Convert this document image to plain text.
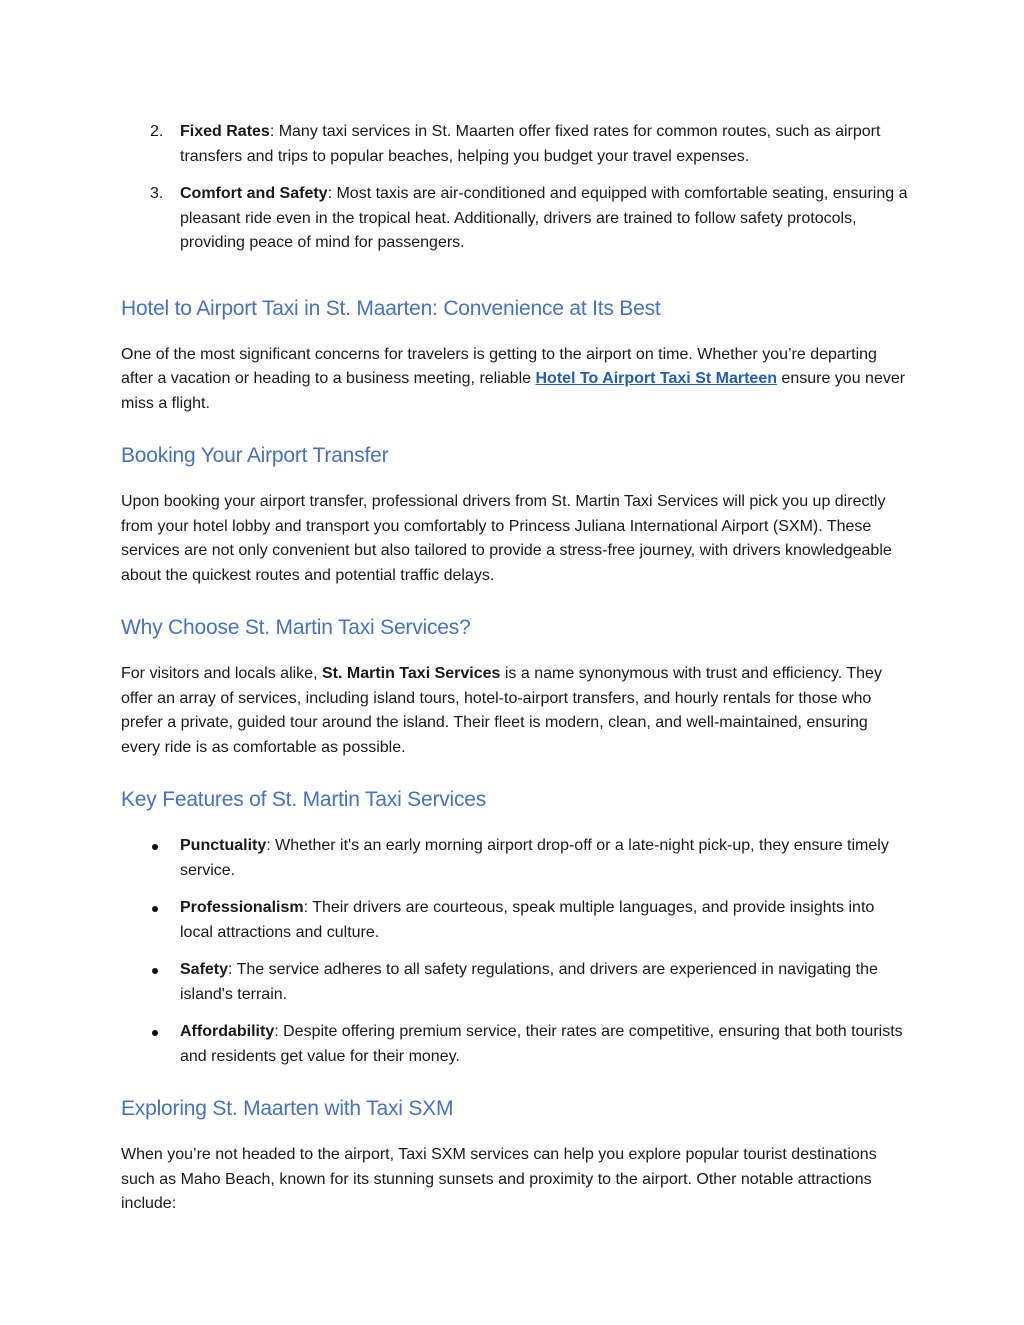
2. Fixed Rates: Many taxi services in St. Maarten offer fixed rates for common routes, such as airport transfers and trips to popular beaches, helping you budget your travel expenses.
3. Comfort and Safety: Most taxis are air-conditioned and equipped with comfortable seating, ensuring a pleasant ride even in the tropical heat. Additionally, drivers are trained to follow safety protocols, providing peace of mind for passengers.
Hotel to Airport Taxi in St. Maarten: Convenience at Its Best

One of the most significant concerns for travelers is getting to the airport on time. Whether you’re departing after a vacation or heading to a business meeting, reliable Hotel To Airport Taxi St Marteen ensure you never miss a flight.

Booking Your Airport Transfer

Upon booking your airport transfer, professional drivers from St. Martin Taxi Services will pick you up directly from your hotel lobby and transport you comfortably to Princess Juliana International Airport (SXM). These services are not only convenient but also tailored to provide a stress-free journey, with drivers knowledgeable about the quickest routes and potential traffic delays.

Why Choose St. Martin Taxi Services?

For visitors and locals alike, St. Martin Taxi Services is a name synonymous with trust and efficiency. They offer an array of services, including island tours, hotel-to-airport transfers, and hourly rentals for those who prefer a private, guided tour around the island. Their fleet is modern, clean, and well-maintained, ensuring every ride is as comfortable as possible.

Key Features of St. Martin Taxi Services
Punctuality: Whether it's an early morning airport drop-off or a late-night pick-up, they ensure timely service.
Professionalism: Their drivers are courteous, speak multiple languages, and provide insights into local attractions and culture.
Safety: The service adheres to all safety regulations, and drivers are experienced in navigating the island's terrain.
Affordability: Despite offering premium service, their rates are competitive, ensuring that both tourists and residents get value for their money.
Exploring St. Maarten with Taxi SXM

When you’re not headed to the airport, Taxi SXM services can help you explore popular tourist destinations such as Maho Beach, known for its stunning sunsets and proximity to the airport. Other notable attractions include:
